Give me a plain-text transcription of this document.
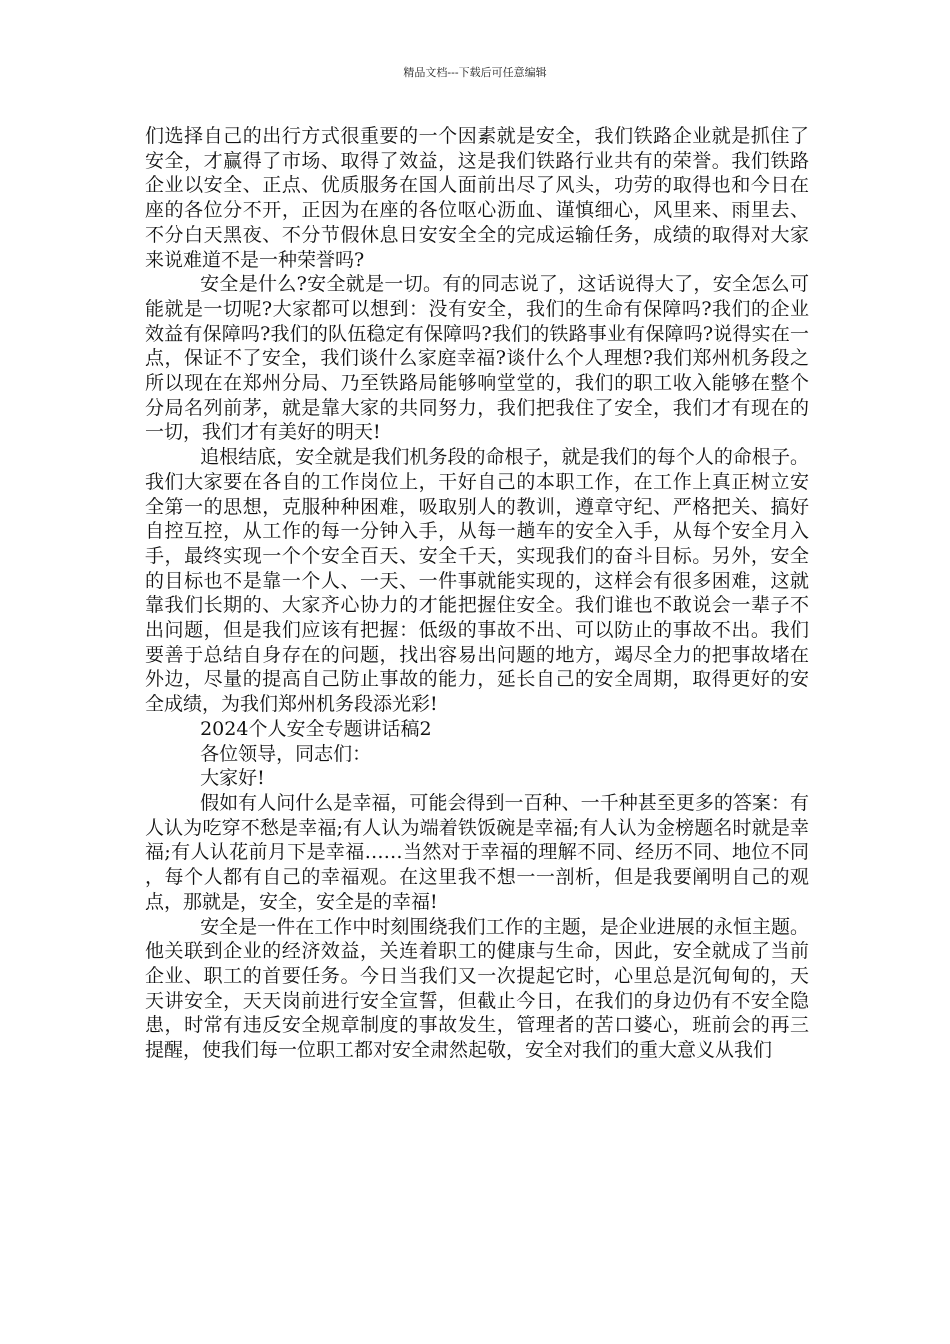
精品文档---下载后可任意编辑

们选择自己的出行方式很重要的一个因素就是安全，我们铁路企业就是抓住了安全，才赢得了市场、取得了效益，这是我们铁路行业共有的荣誉。我们铁路企业以安全、正点、优质服务在国人面前出尽了风头，功劳的取得也和今日在座的各位分不开，正因为在座的各位呕心沥血、谨慎细心，风里来、雨里去、不分白天黑夜、不分节假休息日安安全全的完成运输任务，成绩的取得对大家来说难道不是一种荣誉吗?

安全是什么?安全就是一切。有的同志说了，这话说得大了，安全怎么可能就是一切呢?大家都可以想到：没有安全，我们的生命有保障吗?我们的企业效益有保障吗?我们的队伍稳定有保障吗?我们的铁路事业有保障吗?说得实在一点，保证不了安全，我们谈什么家庭幸福?谈什么个人理想?我们郑州机务段之所以现在在郑州分局、乃至铁路局能够响堂堂的，我们的职工收入能够在整个分局名列前茅，就是靠大家的共同努力，我们把我住了安全，我们才有现在的一切，我们才有美好的明天!

追根结底，安全就是我们机务段的命根子，就是我们的每个人的命根子。我们大家要在各自的工作岗位上，干好自己的本职工作，在工作上真正树立安全第一的思想，克服种种困难，吸取别人的教训，遵章守纪、严格把关、搞好自控互控，从工作的每一分钟入手，从每一趟车的安全入手，从每个安全月入手，最终实现一个个安全百天、安全千天，实现我们的奋斗目标。另外，安全的目标也不是靠一个人、一天、一件事就能实现的，这样会有很多困难，这就靠我们长期的、大家齐心协力的才能把握住安全。我们谁也不敢说会一辈子不出问题，但是我们应该有把握：低级的事故不出、可以防止的事故不出。我们要善于总结自身存在的问题，找出容易出问题的地方，竭尽全力的把事故堵在外边，尽量的提高自己防止事故的能力，延长自己的安全周期，取得更好的安全成绩，为我们郑州机务段添光彩!

2024个人安全专题讲话稿2

各位领导，同志们：

大家好!

假如有人问什么是幸福，可能会得到一百种、一千种甚至更多的答案：有人认为吃穿不愁是幸福;有人认为端着铁饭碗是幸福;有人认为金榜题名时就是幸福;有人认花前月下是幸福……当然对于幸福的理解不同、经历不同、地位不同，每个人都有自己的幸福观。在这里我不想一一剖析，但是我要阐明自己的观点，那就是，安全，安全是的幸福!

安全是一件在工作中时刻围绕我们工作的主题，是企业进展的永恒主题。他关联到企业的经济效益，关连着职工的健康与生命，因此，安全就成了当前企业、职工的首要任务。今日当我们又一次提起它时，心里总是沉甸甸的，天天讲安全，天天岗前进行安全宣誓，但截止今日，在我们的身边仍有不安全隐患，时常有违反安全规章制度的事故发生，管理者的苦口婆心，班前会的再三提醒，使我们每一位职工都对安全肃然起敬，安全对我们的重大意义从我们
